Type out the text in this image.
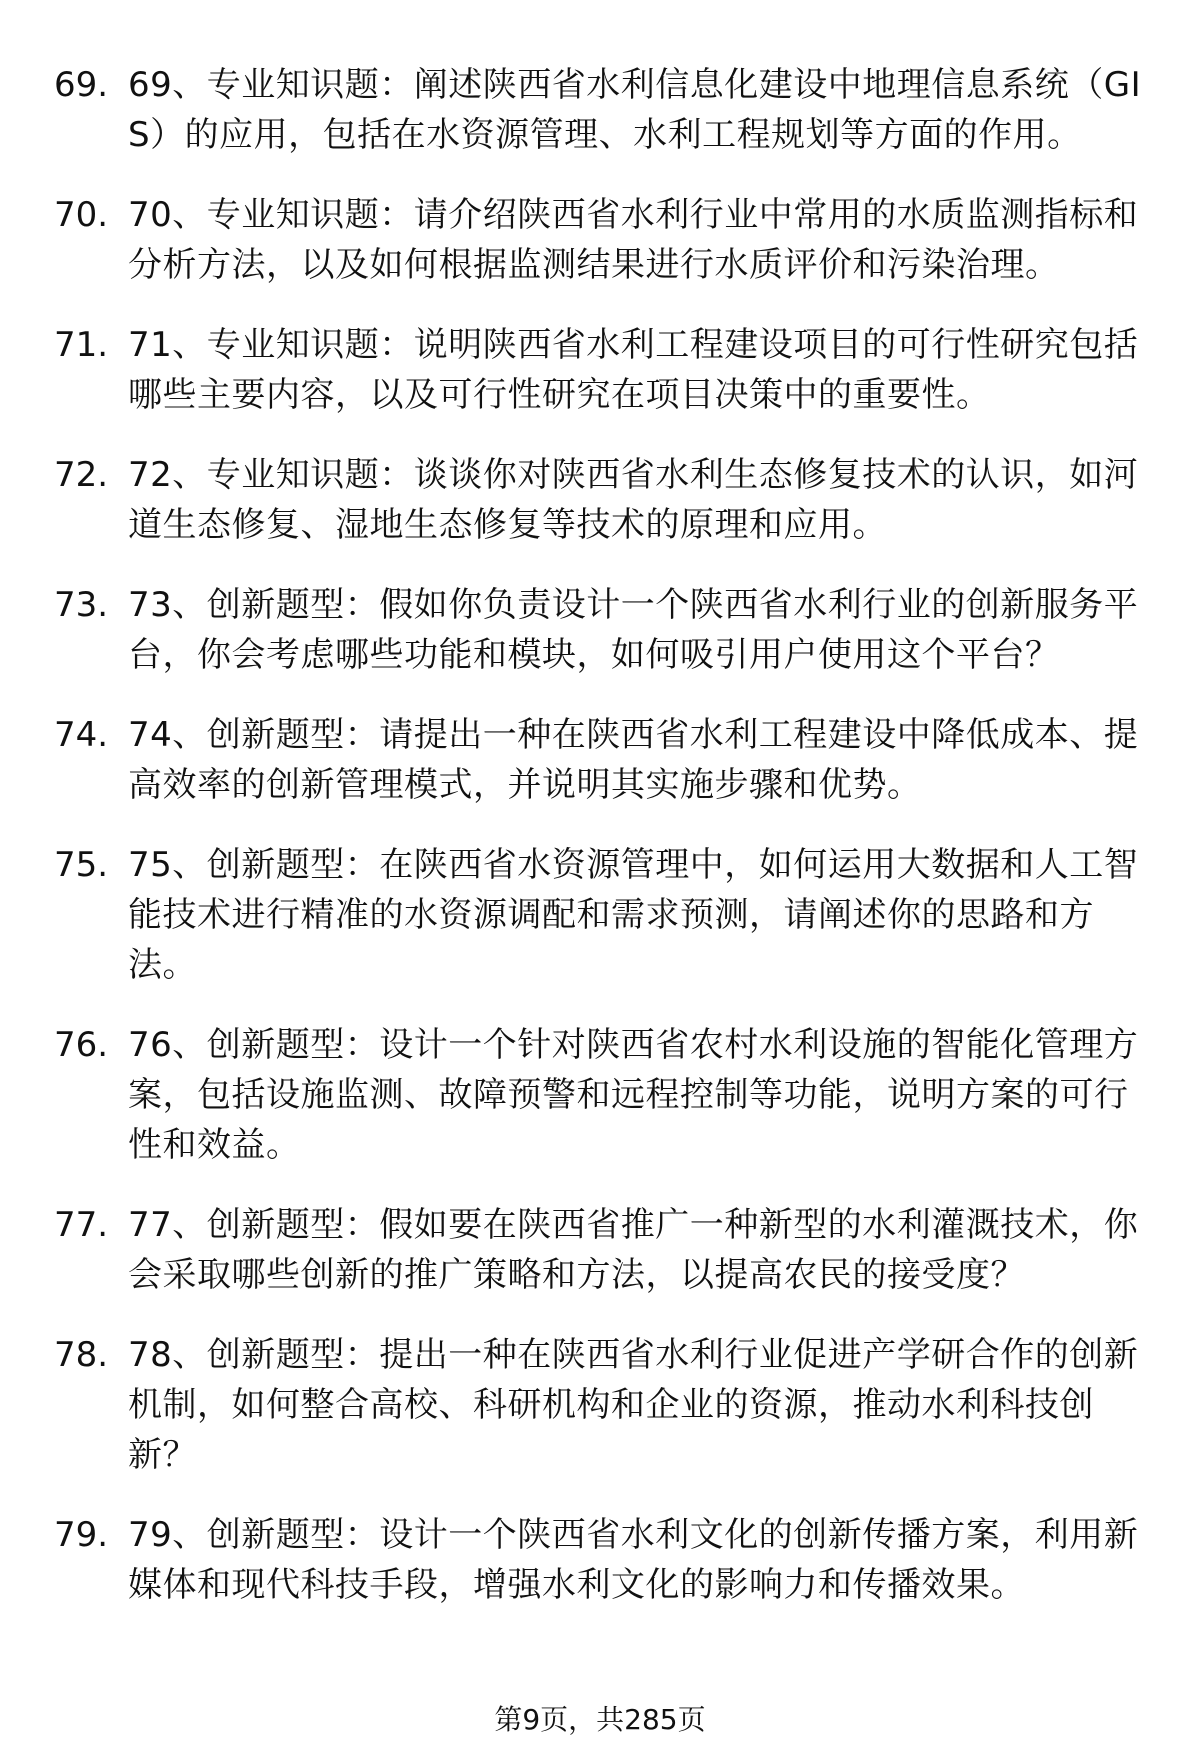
69. 69、专业知识题：阐述陕西省水利信息化建设中地理信息系统（GIS）的应用，包括在水资源管理、水利工程规划等方面的作用。
70. 70、专业知识题：请介绍陕西省水利行业中常用的水质监测指标和分析方法，以及如何根据监测结果进行水质评价和污染治理。
71. 71、专业知识题：说明陕西省水利工程建设项目的可行性研究包括哪些主要内容，以及可行性研究在项目决策中的重要性。
72. 72、专业知识题：谈谈你对陕西省水利生态修复技术的认识，如河道生态修复、湿地生态修复等技术的原理和应用。
73. 73、创新题型：假如你负责设计一个陕西省水利行业的创新服务平台，你会考虑哪些功能和模块，如何吸引用户使用这个平台？
74. 74、创新题型：请提出一种在陕西省水利工程建设中降低成本、提高效率的创新管理模式，并说明其实施步骤和优势。
75. 75、创新题型：在陕西省水资源管理中，如何运用大数据和人工智能技术进行精准的水资源调配和需求预测，请阐述你的思路和方法。
76. 76、创新题型：设计一个针对陕西省农村水利设施的智能化管理方案，包括设施监测、故障预警和远程控制等功能，说明方案的可行性和效益。
77. 77、创新题型：假如要在陕西省推广一种新型的水利灌溉技术，你会采取哪些创新的推广策略和方法，以提高农民的接受度？
78. 78、创新题型：提出一种在陕西省水利行业促进产学研合作的创新机制，如何整合高校、科研机构和企业的资源，推动水利科技创新？
79. 79、创新题型：设计一个陕西省水利文化的创新传播方案，利用新媒体和现代科技手段，增强水利文化的影响力和传播效果。
第9页，共285页
